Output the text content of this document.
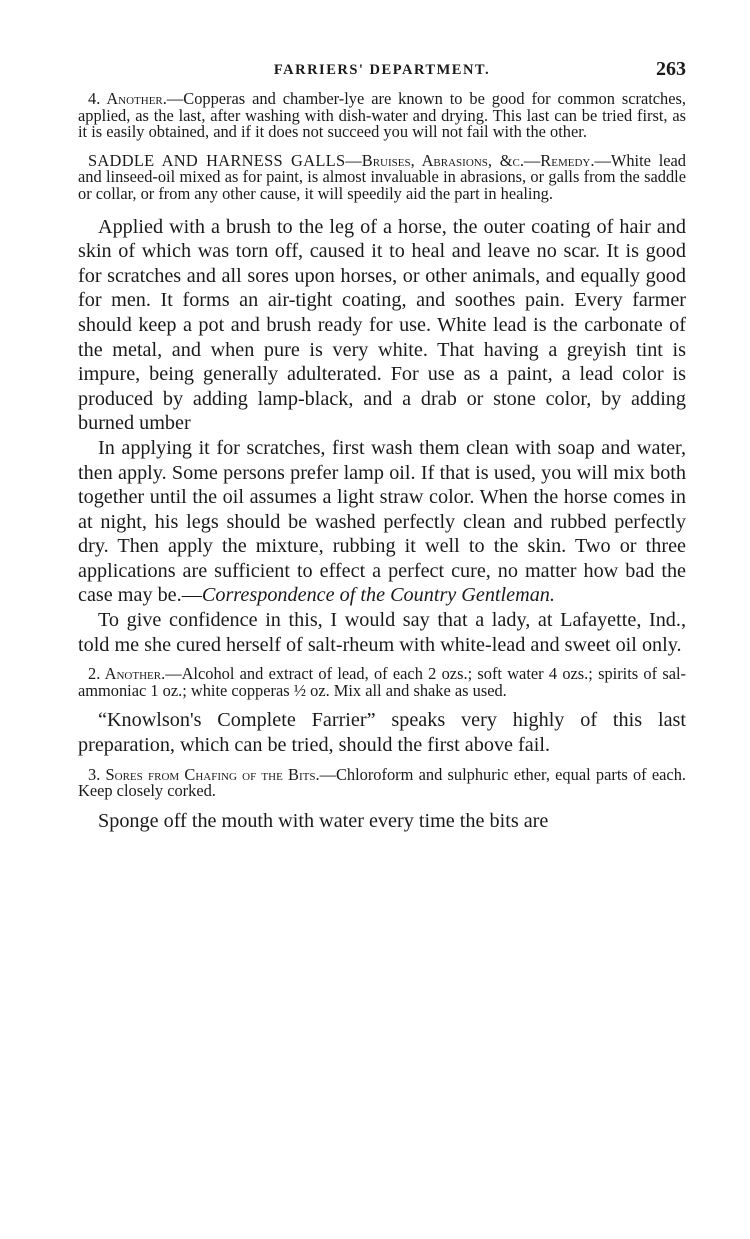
FARRIERS' DEPARTMENT.	263

4. Another.—Copperas and chamber-lye are known to be good for common scratches, applied, as the last, after washing with dish-water and drying. This last can be tried first, as it is easily obtained, and if it does not succeed you will not fail with the other.

SADDLE AND HARNESS GALLS—Bruises, Abrasions, &c.—Remedy.—White lead and linseed-oil mixed as for paint, is almost invaluable in abrasions, or galls from the saddle or collar, or from any other cause, it will speedily aid the part in healing.

Applied with a brush to the leg of a horse, the outer coating of hair and skin of which was torn off, caused it to heal and leave no scar. It is good for scratches and all sores upon horses, or other animals, and equally good for men. It forms an air-tight coating, and soothes pain. Every farmer should keep a pot and brush ready for use. White lead is the carbonate of the metal, and when pure is very white. That having a greyish tint is impure, being generally adulterated. For use as a paint, a lead color is produced by adding lamp-black, and a drab or stone color, by adding burned umber

In applying it for scratches, first wash them clean with soap and water, then apply. Some persons prefer lamp oil. If that is used, you will mix both together until the oil assumes a light straw color. When the horse comes in at night, his legs should be washed perfectly clean and rubbed perfectly dry. Then apply the mixture, rubbing it well to the skin. Two or three applications are sufficient to effect a perfect cure, no matter how bad the case may be.—Correspondence of the Country Gentleman.

To give confidence in this, I would say that a lady, at Lafayette, Ind., told me she cured herself of salt-rheum with white-lead and sweet oil only.

2. Another.—Alcohol and extract of lead, of each 2 ozs.; soft water 4 ozs.; spirits of sal-ammoniac 1 oz.; white copperas ½ oz. Mix all and shake as used.

“Knowlson's Complete Farrier” speaks very highly of this last preparation, which can be tried, should the first above fail.

3. Sores from Chafing of the Bits.—Chloroform and sulphuric ether, equal parts of each. Keep closely corked.

Sponge off the mouth with water every time the bits are
